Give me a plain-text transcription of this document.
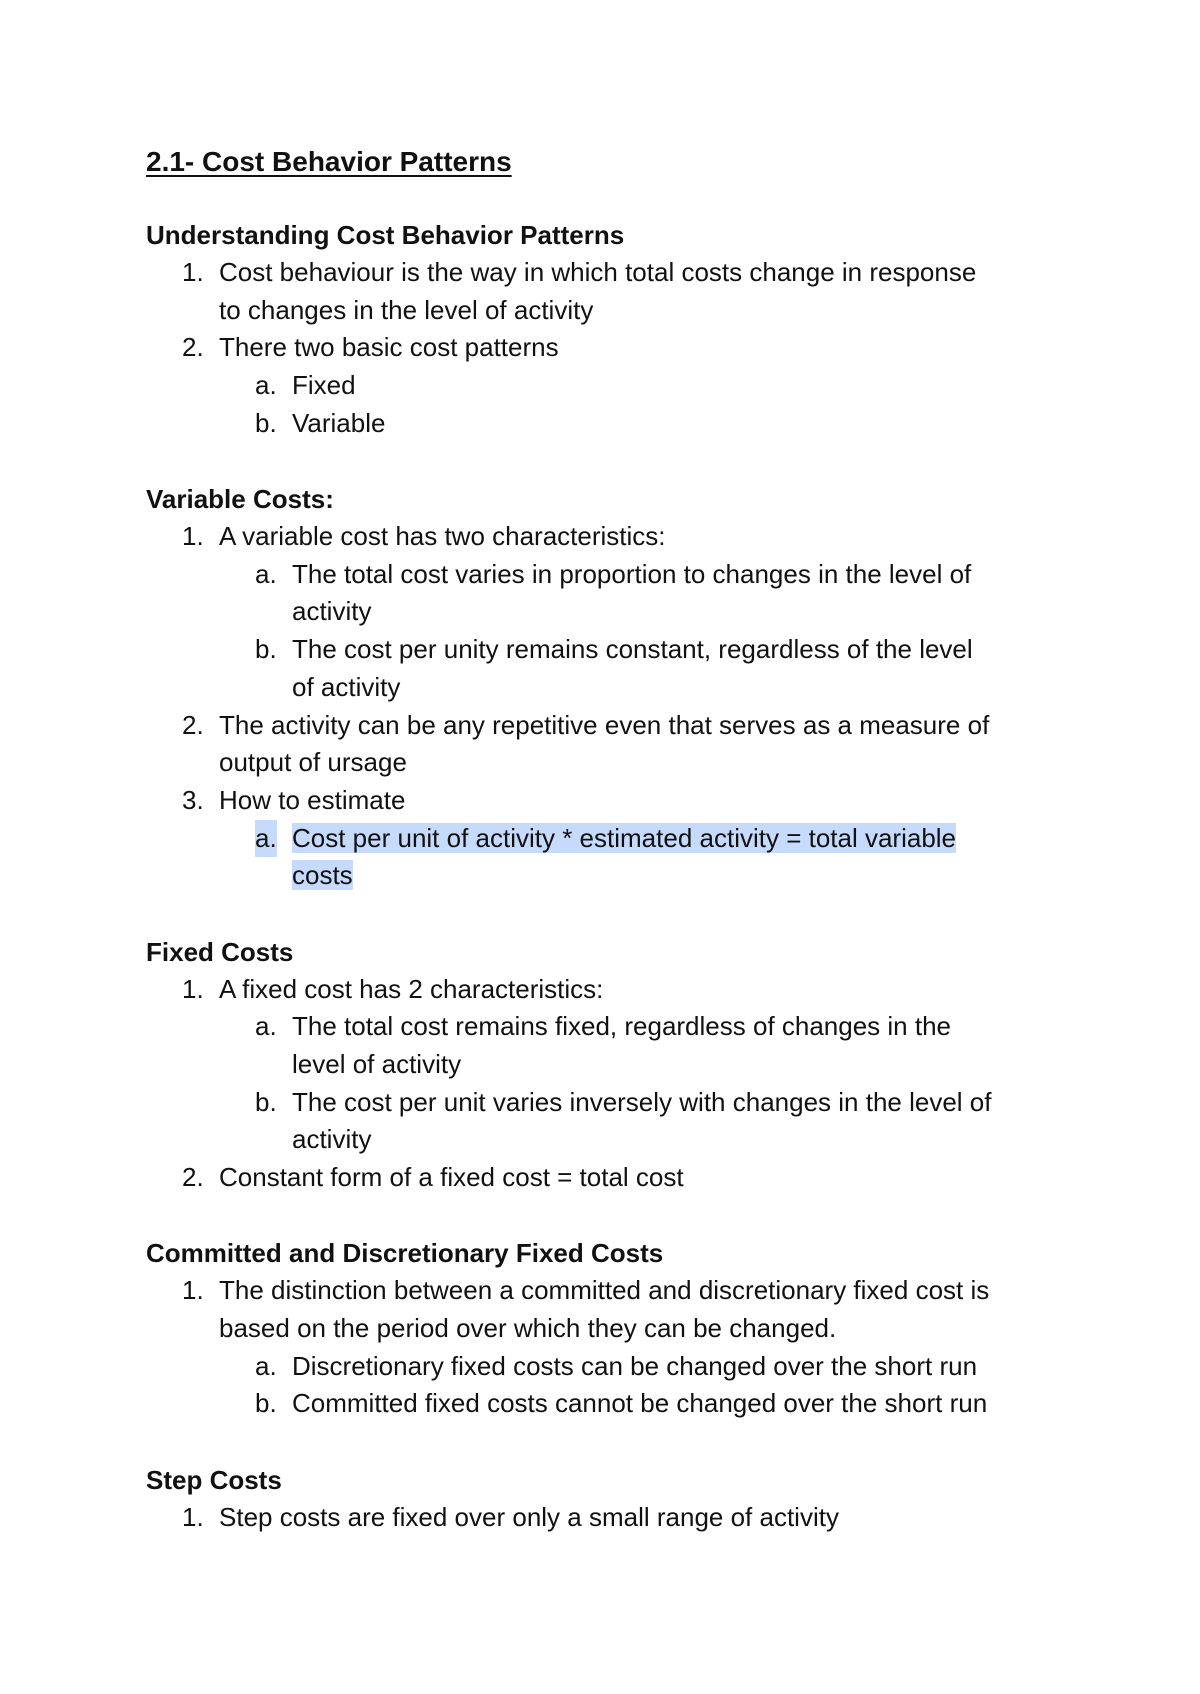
2.1- Cost Behavior Patterns
Understanding Cost Behavior Patterns
1. Cost behaviour is the way in which total costs change in response
to changes in the level of activity
2. There two basic cost patterns
a. Fixed
b. Variable
Variable Costs:
1. A variable cost has two characteristics:
a. The total cost varies in proportion to changes in the level of
activity
b. The cost per unity remains constant, regardless of the level
of activity
2. The activity can be any repetitive even that serves as a measure of
output of ursage
3. How to estimate
a. Cost per unit of activity * estimated activity = total variable
costs
Fixed Costs
1. A fixed cost has 2 characteristics:
a. The total cost remains fixed, regardless of changes in the
level of activity
b. The cost per unit varies inversely with changes in the level of
activity
2. Constant form of a fixed cost = total cost
Committed and Discretionary Fixed Costs
1. The distinction between a committed and discretionary fixed cost is
based on the period over which they can be changed.
a. Discretionary fixed costs can be changed over the short run
b. Committed fixed costs cannot be changed over the short run
Step Costs
1. Step costs are fixed over only a small range of activity
